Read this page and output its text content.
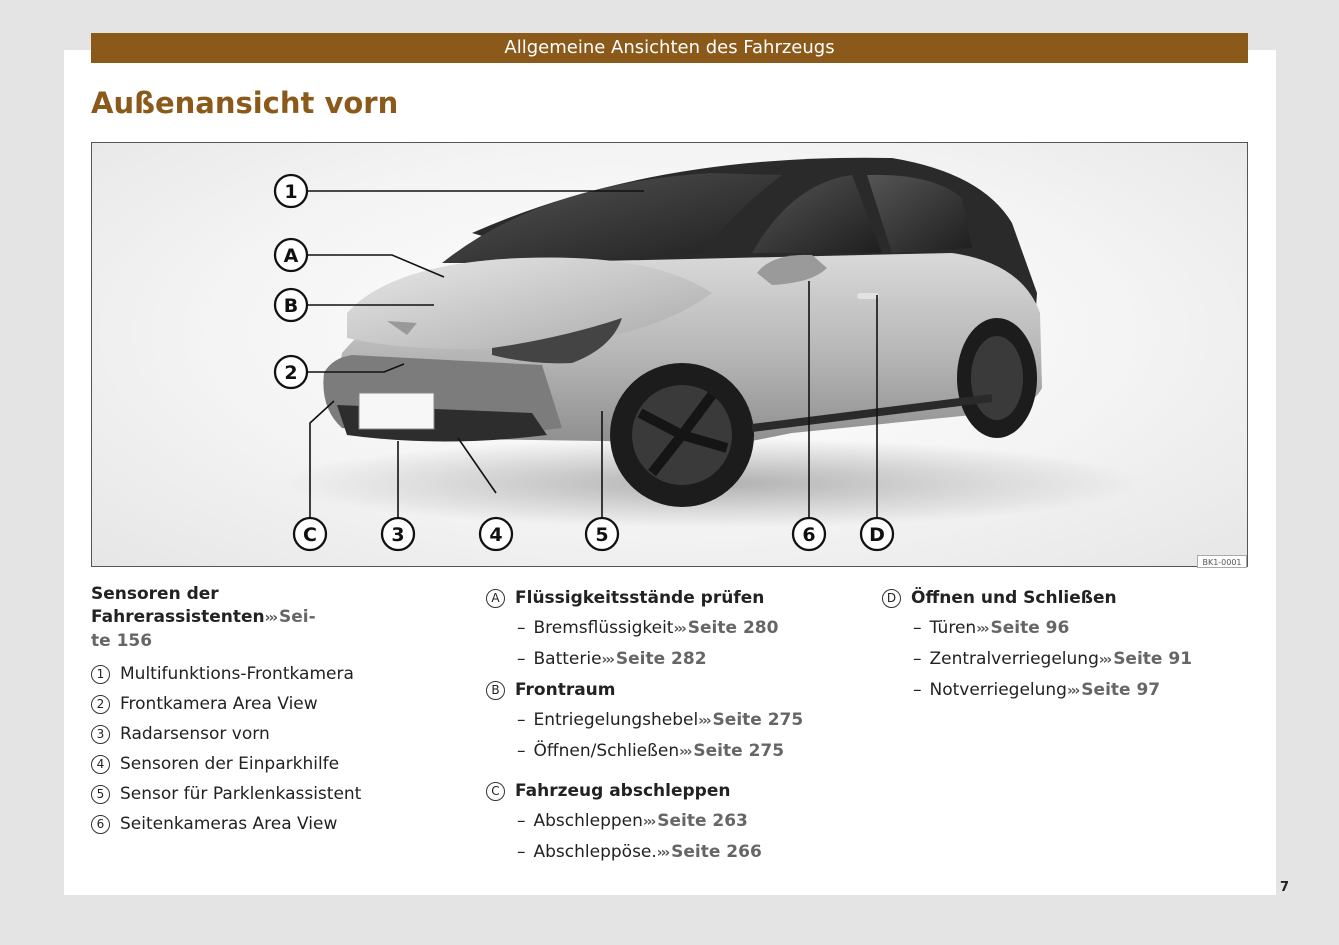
Allgemeine Ansichten des Fahrzeugs
Außenansicht vorn
1
A
B
2
C	3	4	5	6	D
BK1-0001
Sensoren der Fahrerassistenten››› Sei-
te 156
1 Multifunktions-Frontkamera
2 Frontkamera Area View
3 Radarsensor vorn
4 Sensoren der Einparkhilfe
5 Sensor für Parklenkassistent
6 Seitenkameras Area View
A Flüssigkeitsstände prüfen
– Bremsflüssigkeit››› Seite 280
– Batterie››› Seite 282
B Frontraum
– Entriegelungshebel››› Seite 275
– Öffnen/Schließen››› Seite 275
C Fahrzeug abschleppen
– Abschleppen››› Seite 263
– Abschleppöse.››› Seite 266
D Öffnen und Schließen
– Türen››› Seite 96
– Zentralverriegelung››› Seite 91
– Notverriegelung››› Seite 97
7
